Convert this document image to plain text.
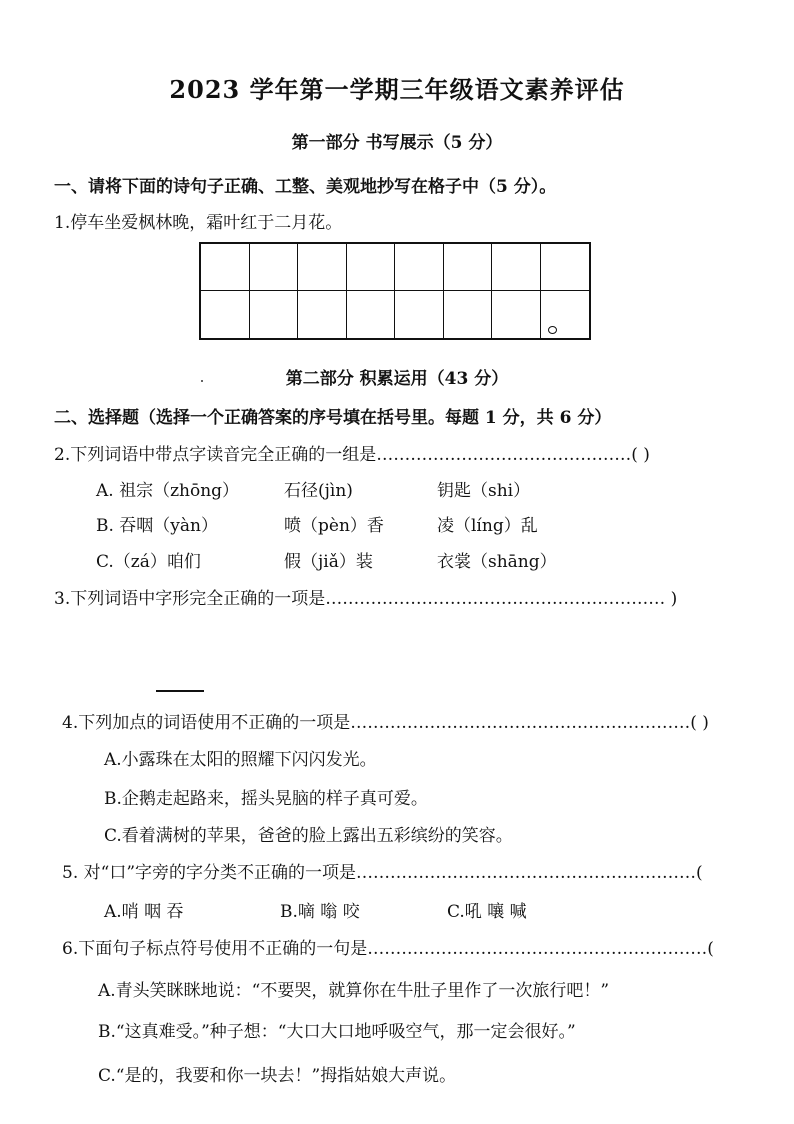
2023 学年第一学期三年级语文素养评估
第一部分 书写展示（5 分）
一、请将下面的诗句子正确、工整、美观地抄写在格子中（5 分）。
1.停车坐爱枫林晚，霜叶红于二月花。
第二部分 积累运用（43 分）
二、选择题（选择一个正确答案的序号填在括号里。每题 1 分，共 6 分）
2.下列词语中带点字读音完全正确的一组是………………………………………( )
A. 祖宗（zhōng）	石径(jìn)	钥匙（shi）
B. 吞咽（yàn）	喷（pèn）香	凌（líng）乱
C.（zá）咱们	假（jiǎ）装	衣裳（shāng）
3.下列词语中字形完全正确的一项是…………………………………………………… )
4.下列加点的词语使用不正确的一项是……………………………………………………( )
A.小露珠在太阳的照耀下闪闪发光。
B.企鹅走起路来，摇头晃脑的样子真可爱。
C.看着满树的苹果，爸爸的脸上露出五彩缤纷的笑容。
5. 对“口”字旁的字分类不正确的一项是……………………………………………………(
A.哨 咽 吞	B.嘀 嗡 咬	C.吼 嚷 喊
6.下面句子标点符号使用不正确的一句是……………………………………………………(
A.青头笑眯眯地说：“不要哭，就算你在牛肚子里作了一次旅行吧！”
B.“这真难受。”种子想：“大口大口地呼吸空气，那一定会很好。”
C.“是的，我要和你一块去！”拇指姑娘大声说。
